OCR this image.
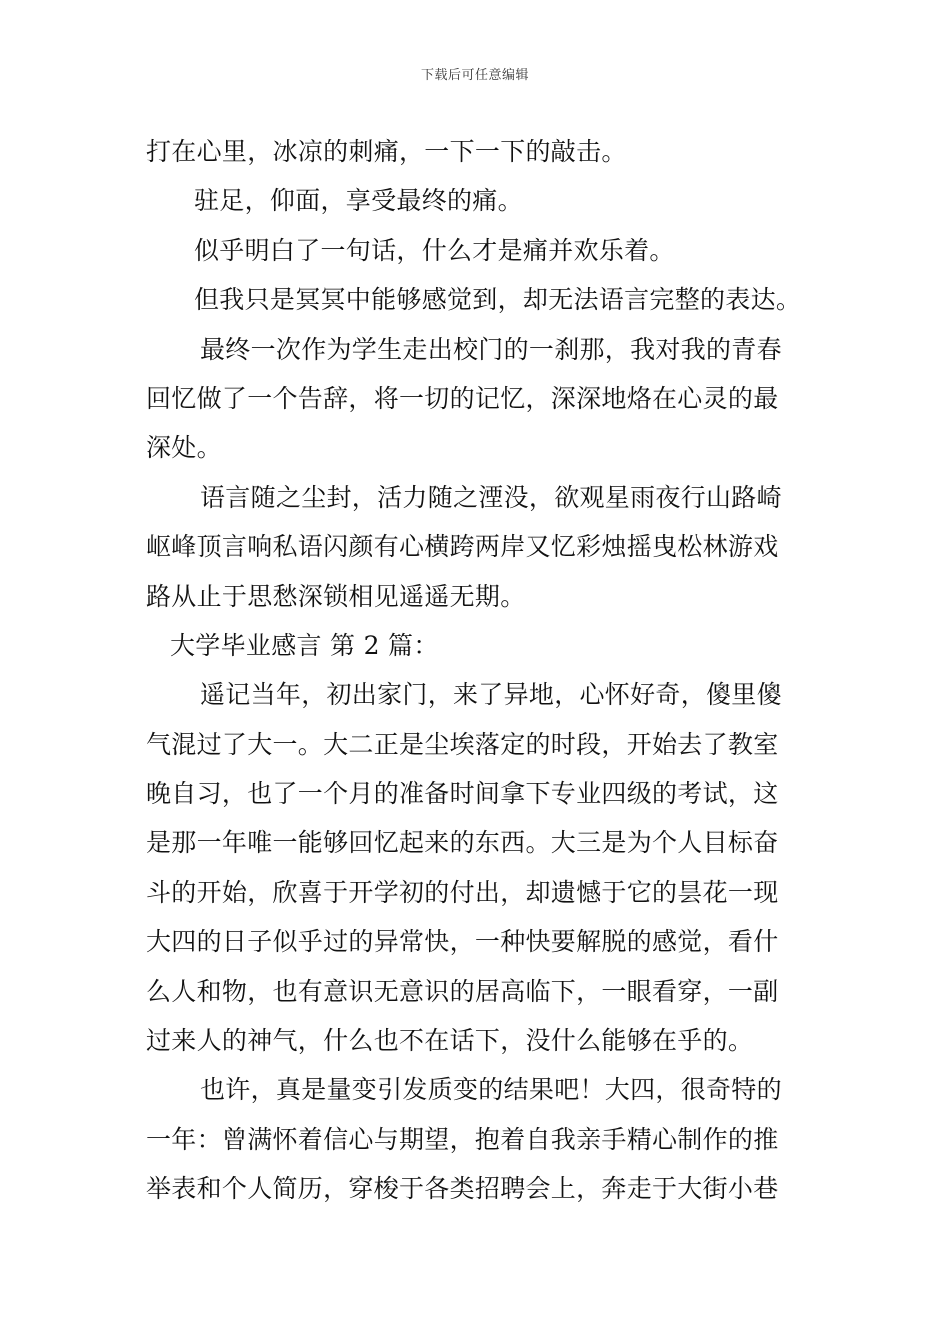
下载后可任意编辑
打在心里，冰凉的刺痛，一下一下的敲击。
驻足，仰面，享受最终的痛。
似乎明白了一句话，什么才是痛并欢乐着。
但我只是冥冥中能够感觉到，却无法语言完整的表达。
最终一次作为学生走出校门的一刹那，我对我的青春
回忆做了一个告辞，将一切的记忆，深深地烙在心灵的最
深处。
语言随之尘封，活力随之湮没，欲观星雨夜行山路崎
岖峰顶言响私语闪颜有心横跨两岸又忆彩烛摇曳松林游戏
路从止于思愁深锁相见遥遥无期。
大学毕业感言 第 2 篇：
遥记当年，初出家门，来了异地，心怀好奇，傻里傻
气混过了大一。大二正是尘埃落定的时段，开始去了教室
晚自习，也了一个月的准备时间拿下专业四级的考试，这
是那一年唯一能够回忆起来的东西。大三是为个人目标奋
斗的开始，欣喜于开学初的付出，却遗憾于它的昙花一现
大四的日子似乎过的异常快，一种快要解脱的感觉，看什
么人和物，也有意识无意识的居高临下，一眼看穿，一副
过来人的神气，什么也不在话下，没什么能够在乎的。
也许，真是量变引发质变的结果吧！大四，很奇特的
一年：曾满怀着信心与期望，抱着自我亲手精心制作的推
举表和个人简历，穿梭于各类招聘会上，奔走于大街小巷
